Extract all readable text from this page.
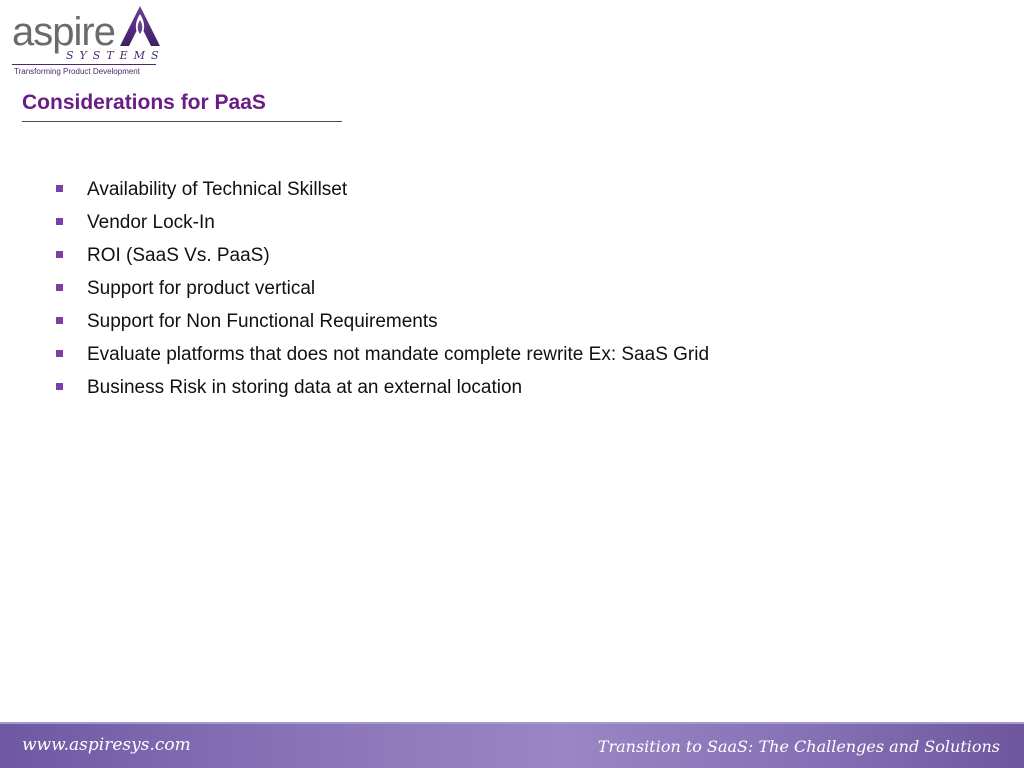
aspire
SYSTEMS
Transforming Product Development
Considerations for PaaS
Availability of Technical Skillset
Vendor Lock-In
ROI (SaaS Vs. PaaS)
Support for product vertical
Support for Non Functional Requirements
Evaluate platforms that does not mandate complete rewrite Ex: SaaS Grid
Business Risk in storing data at an external location
www.aspiresys.com	Transition to SaaS: The Challenges and Solutions
